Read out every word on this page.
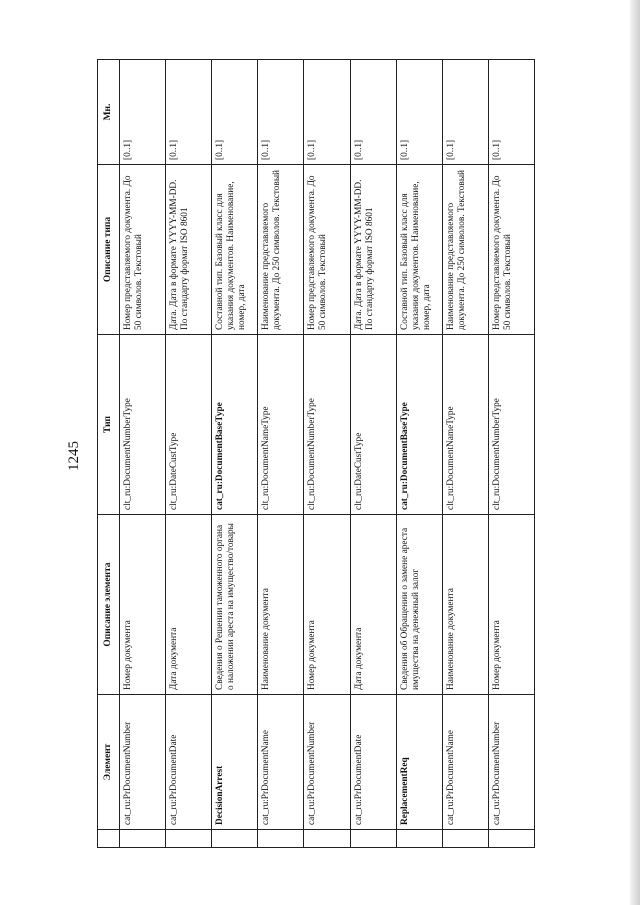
1245
	Элемент	Описание элемента	Тип	Описание типа	Мн.
	cat_ru:PrDocumentNumber	Номер документа	clt_ru:DocumentNumberType	Номер представляемого документа. До 50 символов. Текстовый	[0..1]
	cat_ru:PrDocumentDate	Дата документа	clt_ru:DateCustType	Дата. Дата в формате YYYY-MM-DD. По стандарту формат ISO 8601	[0..1]
	DecisionArrest	Сведения о Решении таможенного органа о наложении ареста на имущество/товары	cat_ru:DocumentBaseType	Составной тип. Базовый класс для указания документов. Наименование, номер, дата	[0..1]
	cat_ru:PrDocumentName	Наименование документа	clt_ru:DocumentNameType	Наименование представляемого документа. До 250 символов. Текстовый	[0..1]
	cat_ru:PrDocumentNumber	Номер документа	clt_ru:DocumentNumberType	Номер представляемого документа. До 50 символов. Текстовый	[0..1]
	cat_ru:PrDocumentDate	Дата документа	clt_ru:DateCustType	Дата. Дата в формате YYYY-MM-DD. По стандарту формат ISO 8601	[0..1]
	ReplacementReq	Сведения об Обращении о замене ареста имущества на денежный залог	cat_ru:DocumentBaseType	Составной тип. Базовый класс для указания документов. Наименование, номер, дата	[0..1]
	cat_ru:PrDocumentName	Наименование документа	clt_ru:DocumentNameType	Наименование представляемого документа. До 250 символов. Текстовый	[0..1]
	cat_ru:PrDocumentNumber	Номер документа	clt_ru:DocumentNumberType	Номер представляемого документа. До 50 символов. Текстовый	[0..1]
